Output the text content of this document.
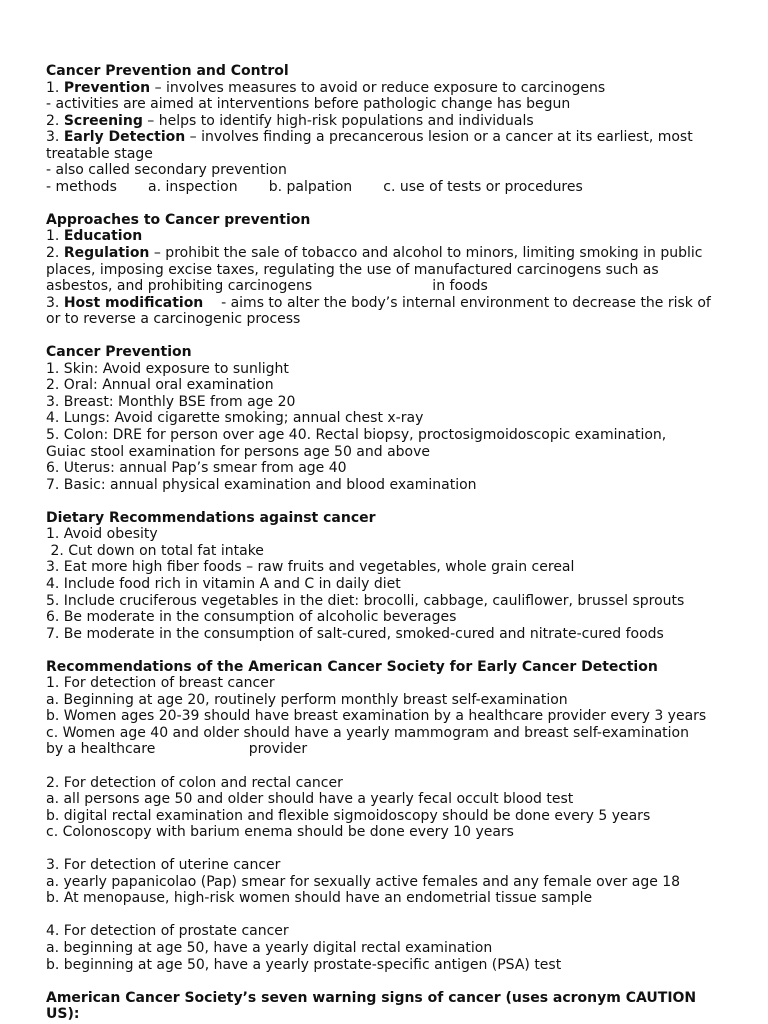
Cancer Prevention and Control
1. Prevention – involves measures to avoid or reduce exposure to carcinogens
- activities are aimed at interventions before pathologic change has begun
2. Screening – helps to identify high-risk populations and individuals
3. Early Detection – involves finding a precancerous lesion or a cancer at its earliest, most
treatable stage
- also called secondary prevention
- methods       a. inspection       b. palpation       c. use of tests or procedures
Approaches to Cancer prevention
1. Education
2. Regulation – prohibit the sale of tobacco and alcohol to minors, limiting smoking in public
places, imposing excise taxes, regulating the use of manufactured carcinogens such as
asbestos, and prohibiting carcinogens                           in foods
3. Host modification    - aims to alter the body’s internal environment to decrease the risk of
or to reverse a carcinogenic process
Cancer Prevention
1. Skin: Avoid exposure to sunlight
2. Oral: Annual oral examination
3. Breast: Monthly BSE from age 20
4. Lungs: Avoid cigarette smoking; annual chest x-ray
5. Colon: DRE for person over age 40. Rectal biopsy, proctosigmoidoscopic examination,
Guiac stool examination for persons age 50 and above
6. Uterus: annual Pap’s smear from age 40
7. Basic: annual physical examination and blood examination
Dietary Recommendations against cancer
1. Avoid obesity
2. Cut down on total fat intake
3. Eat more high fiber foods – raw fruits and vegetables, whole grain cereal
4. Include food rich in vitamin A and C in daily diet
5. Include cruciferous vegetables in the diet: brocolli, cabbage, cauliflower, brussel sprouts
6. Be moderate in the consumption of alcoholic beverages
7. Be moderate in the consumption of salt-cured, smoked-cured and nitrate-cured foods
Recommendations of the American Cancer Society for Early Cancer Detection
1. For detection of breast cancer
a. Beginning at age 20, routinely perform monthly breast self-examination
b. Women ages 20-39 should have breast examination by a healthcare provider every 3 years
c. Women age 40 and older should have a yearly mammogram and breast self-examination
by a healthcare                     provider
2. For detection of colon and rectal cancer
a. all persons age 50 and older should have a yearly fecal occult blood test
b. digital rectal examination and flexible sigmoidoscopy should be done every 5 years
c. Colonoscopy with barium enema should be done every 10 years
3. For detection of uterine cancer
a. yearly papanicolao (Pap) smear for sexually active females and any female over age 18
b. At menopause, high-risk women should have an endometrial tissue sample
4. For detection of prostate cancer
a. beginning at age 50, have a yearly digital rectal examination
b. beginning at age 50, have a yearly prostate-specific antigen (PSA) test
American Cancer Society’s seven warning signs of cancer (uses acronym CAUTION
US):
